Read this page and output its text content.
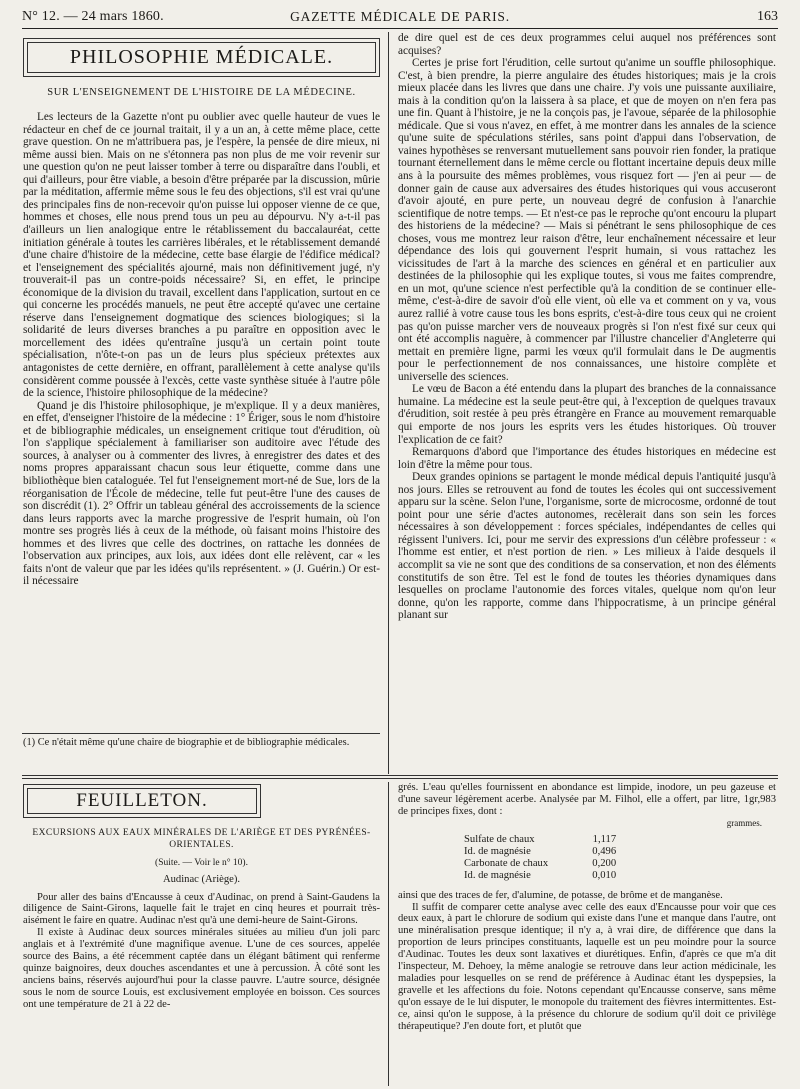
N° 12. — 24 mars 1860.	GAZETTE MÉDICALE DE PARIS.	163
PHILOSOPHIE MÉDICALE.
SUR L'ENSEIGNEMENT DE L'HISTOIRE DE LA MÉDECINE.

Les lecteurs de la Gazette n'ont pu oublier avec quelle hauteur de vues le rédacteur en chef de ce journal traitait, il y a un an, à cette même place, cette grave question. On ne m'attribuera pas, je l'espère, la pensée de dire mieux, ni même aussi bien. Mais on ne s'étonnera pas non plus de me voir revenir sur une question qu'on ne peut laisser tomber à terre ou disparaître dans l'oubli, et qui d'ailleurs, pour être viable, a besoin d'être préparée par la discussion, mûrie par la méditation, affermie même sous le feu des objections, s'il est vrai qu'une des principales fins de non-recevoir qu'on puisse lui opposer vienne de ce que, hommes et choses, elle nous prend tous un peu au dépourvu. N'y a-t-il pas d'ailleurs un lien analogique entre le rétablissement du baccalauréat, cette initiation générale à toutes les carrières libérales, et le rétablissement demandé d'une chaire d'histoire de la médecine, cette base élargie de l'édifice médical? et l'enseignement des spécialités ajourné, mais non définitivement jugé, n'y trouverait-il pas un contre-poids nécessaire? Si, en effet, le principe économique de la division du travail, excellent dans l'application, surtout en ce qui concerne les procédés manuels, ne peut être accepté qu'avec une certaine réserve dans l'enseignement dogmatique des sciences biologiques; si la solidarité de leurs diverses branches a pu paraître en opposition avec le morcellement des idées qu'entraîne jusqu'à un certain point toute spécialisation, n'ôte-t-on pas un de leurs plus spécieux prétextes aux antagonistes de cette dernière, en offrant, parallèlement à cette analyse qu'ils considèrent comme poussée à l'excès, cette vaste synthèse située à l'autre pôle de la science, l'histoire philosophique de la médecine?

Quand je dis l'histoire philosophique, je m'explique. Il y a deux manières, en effet, d'enseigner l'histoire de la médecine : 1° Ériger, sous le nom d'histoire et de bibliographie médicales, un enseignement critique tout d'érudition, où l'on s'applique spécialement à familiariser son auditoire avec l'étude des sources, à analyser ou à commenter des livres, à enregistrer des dates et des noms propres apparaissant chacun sous leur étiquette, comme dans une bibliothèque bien cataloguée. Tel fut l'enseignement mort-né de Sue, lors de la réorganisation de l'École de médecine, telle fut peut-être l'une des causes de son discrédit (1). 2° Offrir un tableau général des accroissements de la science dans leurs rapports avec la marche progressive de l'esprit humain, où l'on montre ses progrès liés à ceux de la méthode, où faisant moins l'histoire des hommes et des livres que celle des doctrines, on rattache les données de l'observation aux principes, aux lois, aux idées dont elle relèvent, car « les faits n'ont de valeur que par les idées qu'ils représentent. » (J. Guérin.) Or est-il nécessaire

de dire quel est de ces deux programmes celui auquel nos préférences sont acquises?

Certes je prise fort l'érudition, celle surtout qu'anime un souffle philosophique. C'est, à bien prendre, la pierre angulaire des études historiques; mais je la crois mieux placée dans les livres que dans une chaire. J'y vois une puissante auxiliaire, mais à la condition qu'on la laissera à sa place, et que de moyen on n'en fera pas une fin. Quant à l'histoire, je ne la conçois pas, je l'avoue, séparée de la philosophie médicale. Que si vous n'avez, en effet, à me montrer dans les annales de la science qu'une suite de spéculations stériles, sans point d'appui dans l'observation, de vaines hypothèses se renversant mutuellement sans pouvoir rien fonder, la pratique tournant éternellement dans le même cercle ou flottant incertaine depuis deux mille ans à la poursuite des mêmes problèmes, vous risquez fort — j'en ai peur — de donner gain de cause aux adversaires des études historiques qui vous accuseront d'avoir ajouté, en pure perte, un nouveau degré de confusion à l'anarchie scientifique de notre temps. — Et n'est-ce pas le reproche qu'ont encouru la plupart des historiens de la médecine? — Mais si pénétrant le sens philosophique de ces choses, vous me montrez leur raison d'être, leur enchaînement nécessaire et leur dépendance des lois qui gouvernent l'esprit humain, si vous rattachez les vicissitudes de l'art à la marche des sciences en général et en particulier aux destinées de la philosophie qui les explique toutes, si vous me faites comprendre, en un mot, qu'une science n'est perfectible qu'à la condition de se continuer elle-même, c'est-à-dire de savoir d'où elle vient, où elle va et comment on y va, vous aurez rallié à votre cause tous les bons esprits, c'est-à-dire tous ceux qui ne croient pas qu'on puisse marcher vers de nouveaux progrès si l'on n'est fixé sur ceux qui ont été accomplis naguère, à commencer par l'illustre chancelier d'Angleterre qui mettait en première ligne, parmi les vœux qu'il formulait dans le De augmentis pour le perfectionnement de nos connaissances, une histoire complète et universelle des sciences.

Le vœu de Bacon a été entendu dans la plupart des branches de la connaissance humaine. La médecine est la seule peut-être qui, à l'exception de quelques travaux d'érudition, soit restée à peu près étrangère en France au mouvement remarquable qui emporte de nos jours les esprits vers les études historiques. Où trouver l'explication de ce fait?

Remarquons d'abord que l'importance des études historiques en médecine est loin d'être la même pour tous.

Deux grandes opinions se partagent le monde médical depuis l'antiquité jusqu'à nos jours. Elles se retrouvent au fond de toutes les écoles qui ont successivement apparu sur la scène. Selon l'une, l'organisme, sorte de microcosme, ordonné de tout point pour une série d'actes autonomes, recèlerait dans son sein les forces nécessaires à son développement : forces spéciales, indépendantes de celles qui régissent l'univers. Ici, pour me servir des expressions d'un célèbre professeur : « l'homme est entier, et n'est portion de rien. » Les milieux à l'aide desquels il accomplit sa vie ne sont que des conditions de sa conservation, et non des éléments constitutifs de son être. Tel est le fond de toutes les théories dynamiques dans lesquelles on proclame l'autonomie des forces vitales, quelque nom qu'on leur donne, qu'on les rapporte, comme dans l'hippocratisme, à un principe général planant sur

(1) Ce n'était même qu'une chaire de biographie et de bibliographie médicales.
FEUILLETON.

EXCURSIONS AUX EAUX MINÉRALES DE L'ARIÈGE ET DES PYRÉNÉES-ORIENTALES.

(Suite. — Voir le n° 10).

Audinac (Ariège).

Pour aller des bains d'Encausse à ceux d'Audinac, on prend à Saint-Gaudens la diligence de Saint-Girons, laquelle fait le trajet en cinq heures et pourrait très-aisément le faire en quatre. Audinac n'est qu'à une demi-heure de Saint-Girons.

Il existe à Audinac deux sources minérales situées au milieu d'un joli parc anglais et à l'extrémité d'une magnifique avenue. L'une de ces sources, appelée source des Bains, a été récemment captée dans un élégant bâtiment qui renferme quinze baignoires, deux douches ascendantes et une à percussion. À côté sont les anciens bains, réservés aujourd'hui pour la classe pauvre. L'autre source, désignée sous le nom de source Louis, est exclusivement employée en boisson. Ces sources ont une température de 21 à 22 de-

grés. L'eau qu'elles fournissent en abondance est limpide, inodore, un peu gazeuse et d'une saveur légèrement acerbe. Analysée par M. Filhol, elle a offert, par litre, 1gr,983 de principes fixes, dont :

grammes.

Sulfate de chaux	1,117
Id. de magnésie	0,496
Carbonate de chaux	0,200
Id. de magnésie	0,010

ainsi que des traces de fer, d'alumine, de potasse, de brôme et de manganèse.

Il suffit de comparer cette analyse avec celle des eaux d'Encausse pour voir que ces deux eaux, à part le chlorure de sodium qui existe dans l'une et manque dans l'autre, ont une minéralisation presque identique; il n'y a, à vrai dire, de différence que dans la proportion de leurs principes constituants, laquelle est un peu moindre pour la source d'Audinac. Toutes les deux sont laxatives et diurétiques. Enfin, d'après ce que m'a dit l'inspecteur, M. Dehoey, la même analogie se retrouve dans leur action médicinale, les maladies pour lesquelles on se rend de préférence à Audinac étant les dyspepsies, la gravelle et les affections du foie. Notons cependant qu'Encausse conserve, sans même qu'on essaye de le lui disputer, le monopole du traitement des fièvres intermittentes. Est-ce, ainsi qu'on le suppose, à la présence du chlorure de sodium qu'il doit ce privilège thérapeutique? J'en doute fort, et plutôt que
